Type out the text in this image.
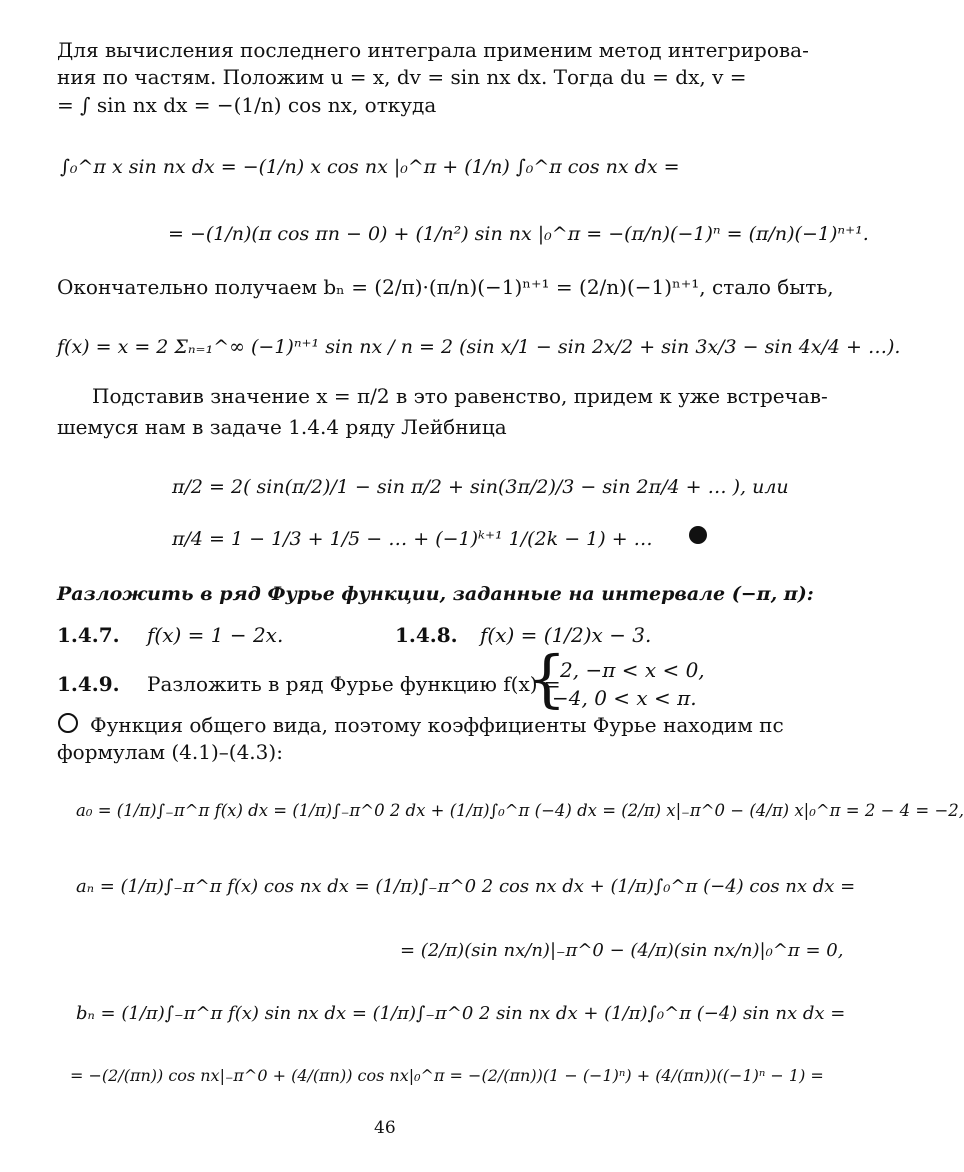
Для вычисления последнего интеграла применим метод интегрирова-
ния по частям. Положим u = x, dv = sin nx dx. Тогда du = dx, v =
= ∫ sin nx dx = −(1/n) cos nx, откуда
∫₀^π x sin nx dx = −(1/n) x cos nx |₀^π + (1/n) ∫₀^π cos nx dx =
= −(1/n)(π cos πn − 0) + (1/n²) sin nx |₀^π = −(π/n)(−1)ⁿ = (π/n)(−1)ⁿ⁺¹.
Окончательно получаем bₙ = (2/π)·(π/n)(−1)ⁿ⁺¹ = (2/n)(−1)ⁿ⁺¹, стало быть,
f(x) = x = 2 Σₙ₌₁^∞ (−1)ⁿ⁺¹ sin nx / n = 2 (sin x/1 − sin 2x/2 + sin 3x/3 − sin 4x/4 + …).
Подставив значение x = π/2 в это равенство, придем к уже встречав-
шемуся нам в задаче 1.4.4 ряду Лейбница
π/2 = 2( sin(π/2)/1 − sin π/2 + sin(3π/2)/3 − sin 2π/4 + … ), или
π/4 = 1 − 1/3 + 1/5 − … + (−1)ᵏ⁺¹ 1/(2k − 1) + …
Разложить в ряд Фурье функции, заданные на интервале (−π, π):
1.4.7. f(x) = 1 − 2x.	1.4.8. f(x) = (1/2)x − 3.
1.4.9. Разложить в ряд Фурье функцию f(x) =
{
2, −π < x < 0,
−4, 0 < x < π.
Функция общего вида, поэтому коэффициенты Фурье находим пс
формулам (4.1)–(4.3):
a₀ = (1/π)∫₋π^π f(x) dx = (1/π)∫₋π^0 2 dx + (1/π)∫₀^π (−4) dx = (2/π) x|₋π^0 − (4/π) x|₀^π = 2 − 4 = −2,
aₙ = (1/π)∫₋π^π f(x) cos nx dx = (1/π)∫₋π^0 2 cos nx dx + (1/π)∫₀^π (−4) cos nx dx =
= (2/π)(sin nx/n)|₋π^0 − (4/π)(sin nx/n)|₀^π = 0,
bₙ = (1/π)∫₋π^π f(x) sin nx dx = (1/π)∫₋π^0 2 sin nx dx + (1/π)∫₀^π (−4) sin nx dx =
= −(2/(πn)) cos nx|₋π^0 + (4/(πn)) cos nx|₀^π = −(2/(πn))(1 − (−1)ⁿ) + (4/(πn))((−1)ⁿ − 1) =
46
